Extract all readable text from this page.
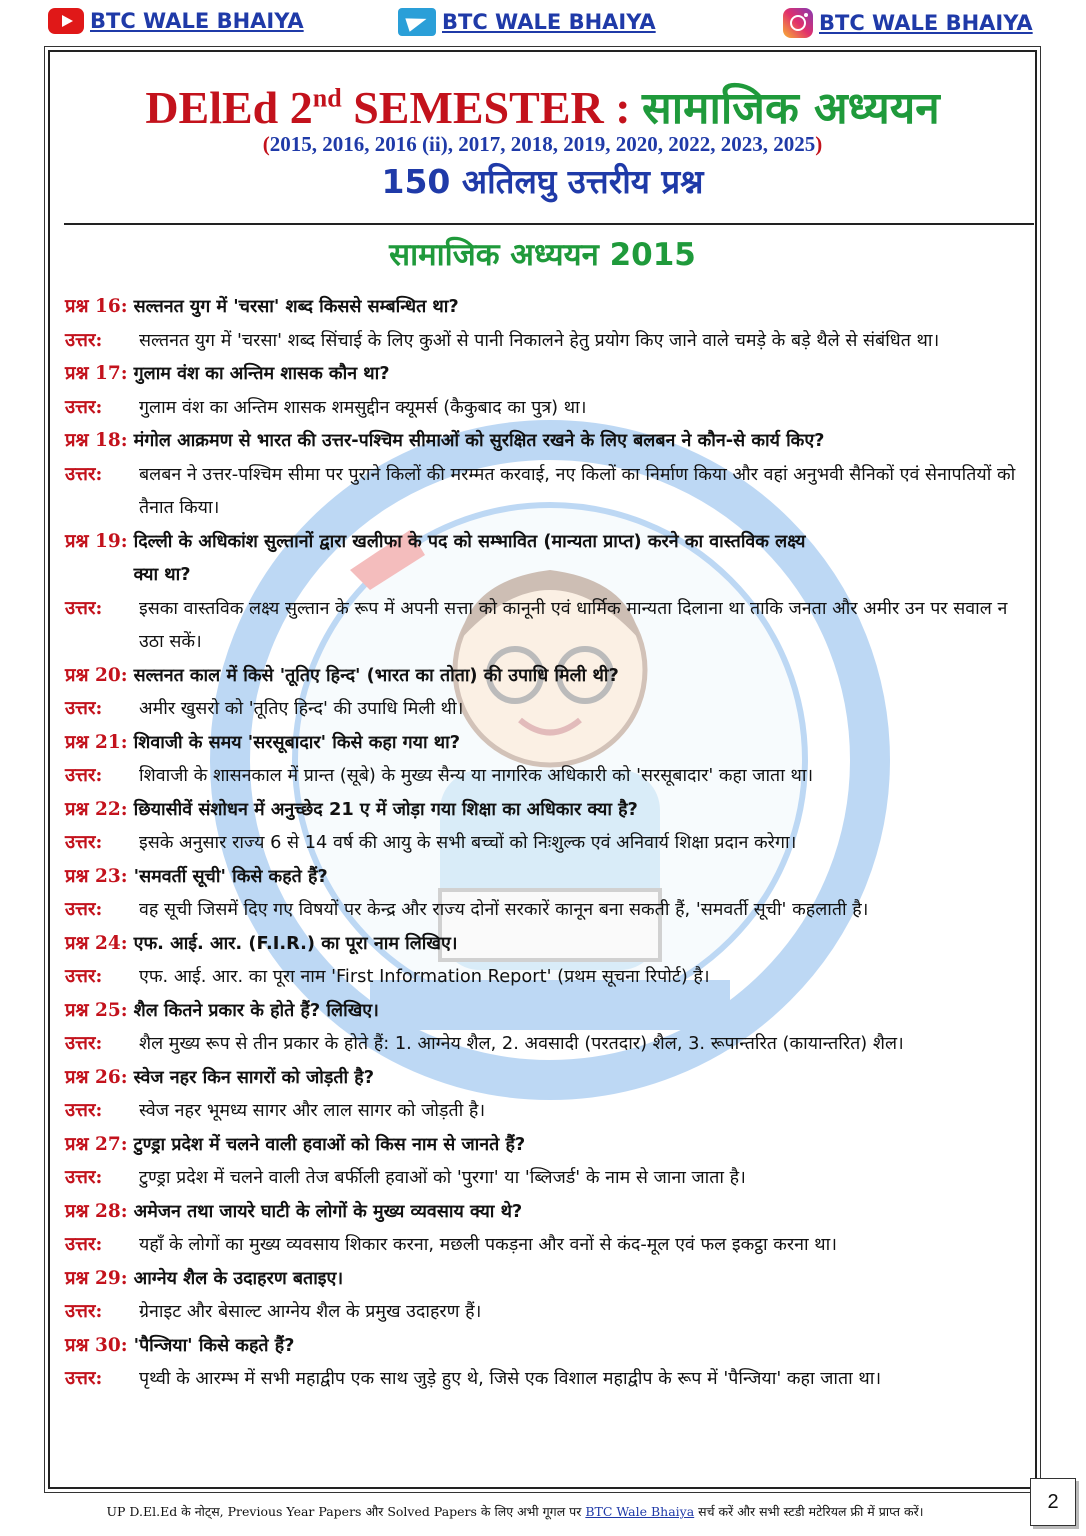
BTC WALE BHAIYA	BTC WALE BHAIYA	BTC WALE BHAIYA
DElEd 2nd SEMESTER : सामाजिक अध्ययन
(2015, 2016, 2016 (ii), 2017, 2018, 2019, 2020, 2022, 2023, 2025)
150 अतिलघु उत्तरीय प्रश्न
सामाजिक अध्ययन 2015
प्रश्न 16: सल्तनत युग में 'चरसा' शब्द किससे सम्बन्धित था?
उत्तर:	सल्तनत युग में 'चरसा' शब्द सिंचाई के लिए कुओं से पानी निकालने हेतु प्रयोग किए जाने वाले चमड़े के बड़े थैले से संबंधित था।
प्रश्न 17: गुलाम वंश का अन्तिम शासक कौन था?
उत्तर:	गुलाम वंश का अन्तिम शासक शमसुद्दीन क्यूमर्स (कैकुबाद का पुत्र) था।
प्रश्न 18: मंगोल आक्रमण से भारत की उत्तर-पश्चिम सीमाओं को सुरक्षित रखने के लिए बलबन ने कौन-से कार्य किए?
उत्तर:	बलबन ने उत्तर-पश्चिम सीमा पर पुराने किलों की मरम्मत करवाई, नए किलों का निर्माण किया और वहां अनुभवी सैनिकों एवं सेनापतियों को तैनात किया।
प्रश्न 19: दिल्ली के अधिकांश सुल्तानों द्वारा खलीफा के पद को सम्भावित (मान्यता प्राप्त) करने का वास्तविक लक्ष्य
क्या था?
उत्तर:	इसका वास्तविक लक्ष्य सुल्तान के रूप में अपनी सत्ता को कानूनी एवं धार्मिक मान्यता दिलाना था ताकि जनता और अमीर उन पर सवाल न उठा सकें।
प्रश्न 20: सल्तनत काल में किसे 'तूतिए हिन्द' (भारत का तोता) की उपाधि मिली थी?
उत्तर:	अमीर खुसरो को 'तूतिए हिन्द' की उपाधि मिली थी।
प्रश्न 21: शिवाजी के समय 'सरसूबादार' किसे कहा गया था?
उत्तर:	शिवाजी के शासनकाल में प्रान्त (सूबे) के मुख्य सैन्य या नागरिक अधिकारी को 'सरसूबादार' कहा जाता था।
प्रश्न 22: छियासीवें संशोधन में अनुच्छेद 21 ए में जोड़ा गया शिक्षा का अधिकार क्या है?
उत्तर:	इसके अनुसार राज्य 6 से 14 वर्ष की आयु के सभी बच्चों को निःशुल्क एवं अनिवार्य शिक्षा प्रदान करेगा।
प्रश्न 23: 'समवर्ती सूची' किसे कहते हैं?
उत्तर:	वह सूची जिसमें दिए गए विषयों पर केन्द्र और राज्य दोनों सरकारें कानून बना सकती हैं, 'समवर्ती सूची' कहलाती है।
प्रश्न 24: एफ. आई. आर. (F.I.R.) का पूरा नाम लिखिए।
उत्तर:	एफ. आई. आर. का पूरा नाम 'First Information Report' (प्रथम सूचना रिपोर्ट) है।
प्रश्न 25: शैल कितने प्रकार के होते हैं? लिखिए।
उत्तर:	शैल मुख्य रूप से तीन प्रकार के होते हैं: 1. आग्नेय शैल, 2. अवसादी (परतदार) शैल, 3. रूपान्तरित (कायान्तरित) शैल।
प्रश्न 26: स्वेज नहर किन सागरों को जोड़ती है?
उत्तर:	स्वेज नहर भूमध्य सागर और लाल सागर को जोड़ती है।
प्रश्न 27: टुण्ड्रा प्रदेश में चलने वाली हवाओं को किस नाम से जानते हैं?
उत्तर:	टुण्ड्रा प्रदेश में चलने वाली तेज बर्फीली हवाओं को 'पुरगा' या 'ब्लिजर्ड' के नाम से जाना जाता है।
प्रश्न 28: अमेजन तथा जायरे घाटी के लोगों के मुख्य व्यवसाय क्या थे?
उत्तर:	यहाँ के लोगों का मुख्य व्यवसाय शिकार करना, मछली पकड़ना और वनों से कंद-मूल एवं फल इकट्ठा करना था।
प्रश्न 29: आग्नेय शैल के उदाहरण बताइए।
उत्तर:	ग्रेनाइट और बेसाल्ट आग्नेय शैल के प्रमुख उदाहरण हैं।
प्रश्न 30: 'पैन्जिया' किसे कहते हैं?
उत्तर:	पृथ्वी के आरम्भ में सभी महाद्वीप एक साथ जुड़े हुए थे, जिसे एक विशाल महाद्वीप के रूप में 'पैन्जिया' कहा जाता था।
UP D.El.Ed के नोट्स, Previous Year Papers और Solved Papers के लिए अभी गूगल पर BTC Wale Bhaiya सर्च करें और सभी स्टडी मटेरियल फ्री में प्राप्त करें।	2
